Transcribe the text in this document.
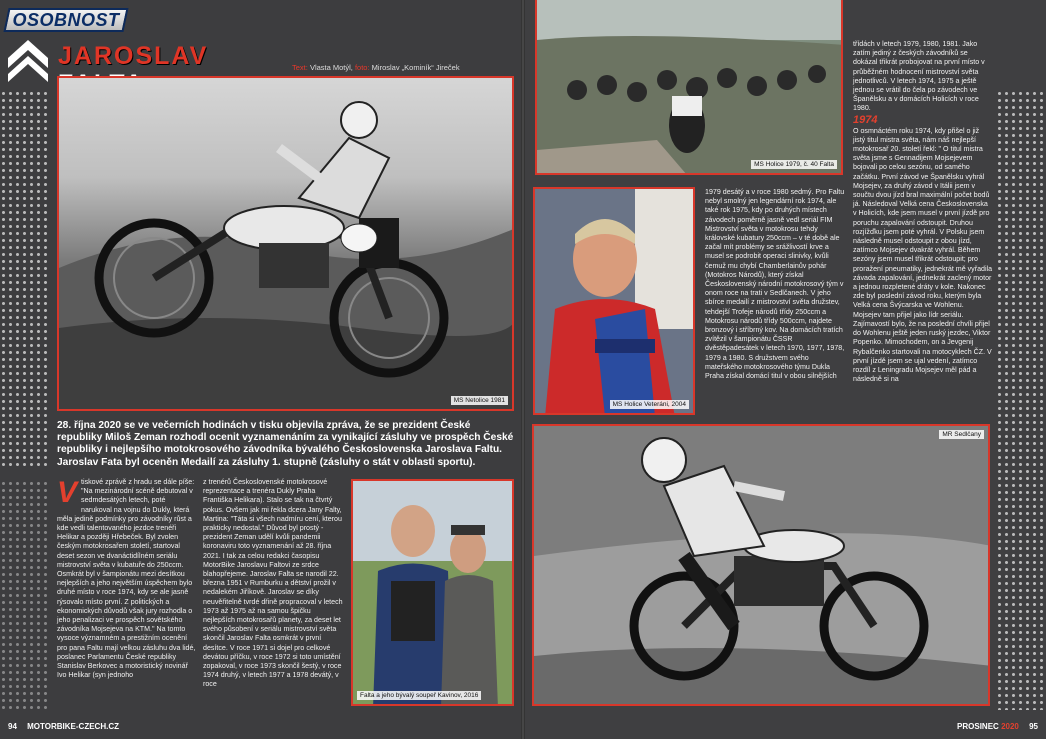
OSOBNOST
JAROSLAV	Text: Vlasta Motýl, foto: Miroslav „Kominík“ Jireček
MS Netolice 1981
MS Holice 1979, č. 40 Falta
MS Holice Veteráni, 2004
Falta a jeho bývalý soupeř Kavinov, 2016
MR Sedlčany
28. října 2020 se ve večerních hodinách v tisku objevila zpráva, že se prezident České republiky Miloš Zeman rozhodl ocenit vyznamenáním za vynikající zásluhy ve prospěch České republiky i nejlepšího motokrosového závodníka bývalého Československa Jaroslava Faltu. Jaroslav Fata byl oceněn Medailí za zásluhy 1. stupně (zásluhy o stát v oblasti sportu).
V tiskové zprávě z hradu se dále píše: "Na mezinárodní scéně debutoval v sedmdesátých letech, poté narukoval na vojnu do Dukly, která měla jedině podmínky pro závodníky růst a kde vedli talentovaného jezdce trenéři Helikar a později Hřebeček. Byl zvolen českým motokrosařem století, startoval deset sezon ve dvanáctidílném seriálu mistrovství světa v kubatuře do 250ccm. Osmkrát byl v šampionátu mezi desítkou nejlepších a jeho největším úspěchem bylo druhé místo v roce 1974, kdy se ale jasně rýsovalo místo první. Z politických a ekonomických důvodů však jury rozhodla o jeho penalizaci ve prospěch sovětského závodníka Mojsejeva na KTM." Na tomto vysoce významném a prestižním ocenění pro pana Faltu mají velkou zásluhu dva lidé, poslanec Parlamentu České republiky Stanislav Berkovec a motoristický novinář Ivo Helikar (syn jednoho
z trenérů Československé motokrosové reprezentace a trenéra Dukly Praha Františka Helikara). Stalo se tak na čtvrtý pokus. Ovšem jak mi řekla dcera Jany Falty, Martina: "Táta si všech nadmíru cení, kterou prakticky nedostal." Důvod byl prostý - prezident Zeman udělí kvůli pandemii koronaviru toto vyznamenání až 28. října 2021. I tak za celou redakci časopisu MotorBike Jaroslavu Faltovi ze srdce blahopřejeme. Jaroslav Falta se narodil 22. března 1951 v Rumburku a dětství prožil v nedalekém Jiříkově. Jaroslav se díky neuvěřitelně tvrdé dřině propracoval v letech 1973 až 1975 až na samou špičku nejlepších motokrosařů planety, za deset let svého působení v seriálu mistrovství světa skončil Jaroslav Falta osmkrát v první desítce. V roce 1971 si dojel pro celkové devátou příčku, v roce 1972 si toto umístění zopakoval, v roce 1973 skončil šestý, v roce 1974 druhý, v letech 1977 a 1978 devátý, v roce
1979 desátý a v roce 1980 sedmý. Pro Faltu nebyl smolný jen legendární rok 1974, ale také rok 1975, kdy po druhých místech závodech poměrně jasně vedl seriál FIM Mistrovství světa v motokrosu tehdy královské kubatury 250ccm – v té době ale začal mít problémy se srážlivostí krve a musel se podrobit operaci slinivky, kvůli čemuž mu chybí Chamberlainův pohár (Motokros Národů), který získal Československý národní motokrosový tým v onom roce na trati v Sedlčanech. V jeho sbírce medailí z mistrovství světa družstev, tehdejší Trofeje národů třídy 250ccm a Motokrosu národů třídy 500ccm, najdete bronzový i stříbrný kov. Na domácích tratích zvítězil v šampionátu ČSSR dvěstěpadesátek v letech 1970, 1977, 1978, 1979 a 1980. S družstvem svého mateřského motokrosového týmu Dukla Praha získal domácí titul v obou silnějších
třídách v letech 1979, 1980, 1981. Jako zatím jediný z českých závodníků se dokázal třikrát probojovat na první místo v průběžném hodnocení mistrovství světa jednotlivců. V letech 1974, 1975 a ještě jednou se vrátil do čela po závodech ve Španělsku a v domácích Holicích v roce 1980.
1974
O osmnáctém roku 1974, kdy přišel o již jistý titul mistra světa, nám náš nejlepší motokrosař 20. století řekl: " O titul mistra světa jsme s Gennadijem Mojsejevem bojovali po celou sezónu, od samého začátku. První závod ve Španělsku vyhrál Mojsejev, za druhý závod v Itálii jsem v součtu dvou jízd bral maximální počet bodů já. Následoval Velká cena Československa v Holicích, kde jsem musel v první jízdě pro poruchu zapalování odstoupit. Druhou rozjížďku jsem poté vyhrál. V Polsku jsem následně musel odstoupit z obou jízd, zatímco Mojsejev dvakrát vyhrál. Během sezóny jsem musel třikrát odstoupit; pro proražení pneumatiky, jednekrát mě vyřadila závada zapalování, jednekrát zaclený motor a jednou rozpletené dráty v kole. Nakonec zde byl poslední závod roku, kterým byla Velká cena Švýcarska ve Wohlenu. Mojsejev tam přijel jako lídr seriálu. Zajímavostí bylo, že na poslední chvíli přijel do Wohlenu ještě jeden ruský jezdec, Viktor Popenko. Mimochodem, on a Jevgenij Rybalčenko startovali na motocyklech ČZ. V první jízdě jsem se ujal vedení, zatímco rozdíl z Leningradu Mojsejev měl pád a následně si na
94 MOTORBIKE-CZECH.CZ	PROSINEC 2020 95
